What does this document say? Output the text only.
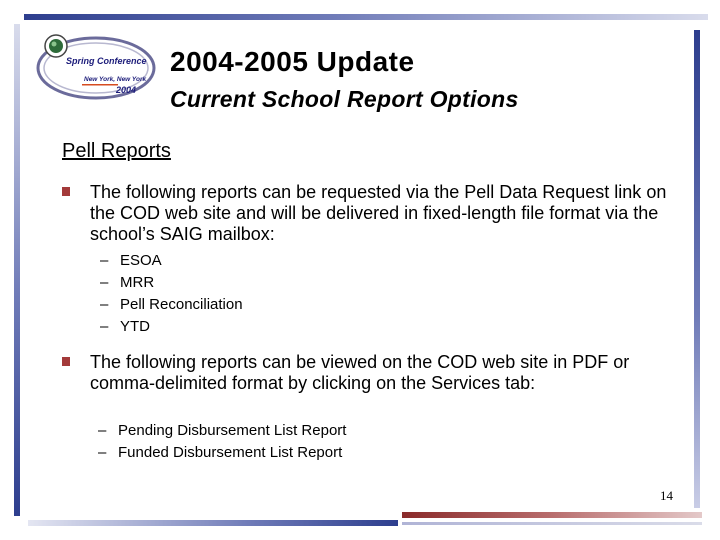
Spring Conference
New York, New York
2004
2004-2005 Update
Current School Report Options
Pell Reports
The following reports can be requested via the Pell Data Request link on the COD web site and will be delivered in fixed-length file format via the school’s SAIG mailbox:
– ESOA
– MRR
– Pell Reconciliation
– YTD
The following reports can be viewed on the COD web site in PDF or comma-delimited format by clicking on the Services tab:
– Pending Disbursement List Report
– Funded Disbursement List Report
14
